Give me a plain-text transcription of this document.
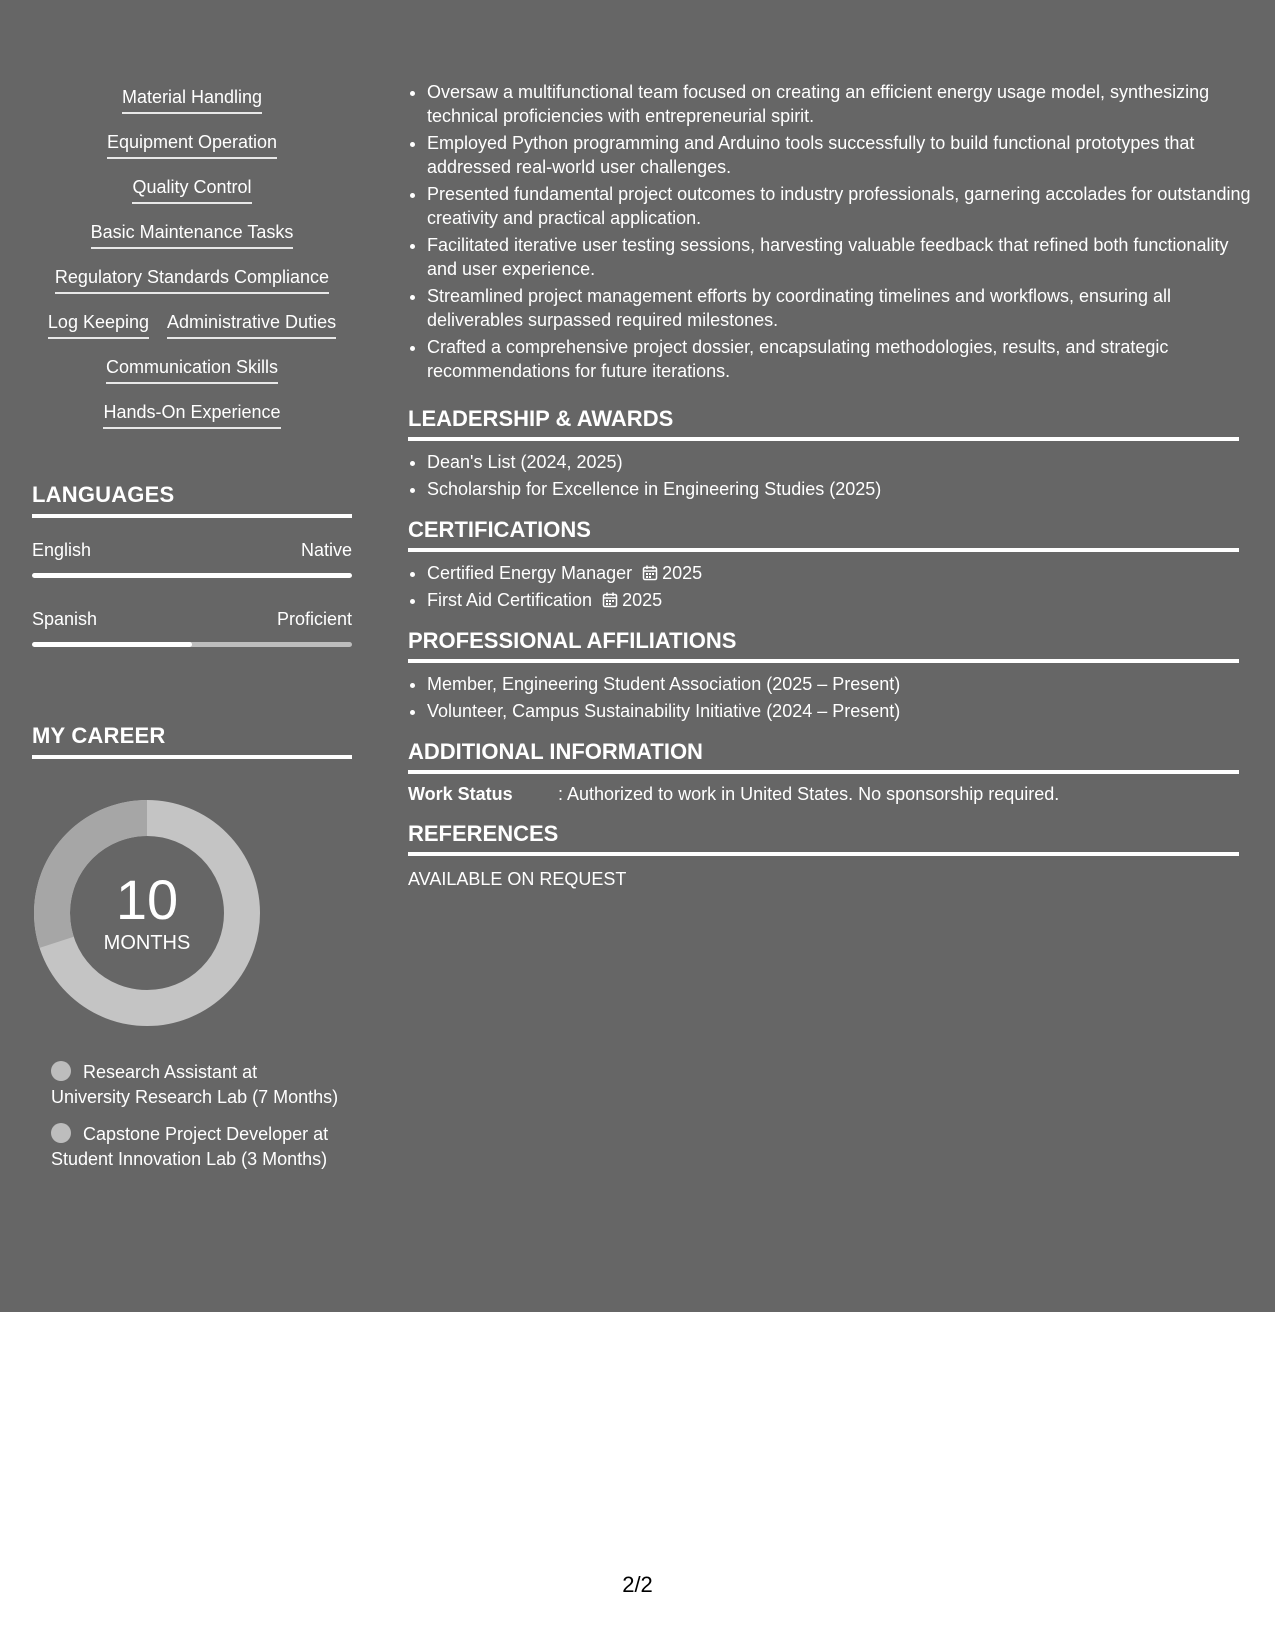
Material Handling
Equipment Operation
Quality Control
Basic Maintenance Tasks
Regulatory Standards Compliance
Log Keeping Administrative Duties
Communication Skills
Hands-On Experience
LANGUAGES
English	Native
Spanish	Proficient
MY CAREER
10
MONTHS
Research Assistant at University Research Lab (7 Months)
Capstone Project Developer at Student Innovation Lab (3 Months)
• Oversaw a multifunctional team focused on creating an efficient energy usage model, synthesizing technical proficiencies with entrepreneurial spirit.
• Employed Python programming and Arduino tools successfully to build functional prototypes that addressed real-world user challenges.
• Presented fundamental project outcomes to industry professionals, garnering accolades for outstanding creativity and practical application.
• Facilitated iterative user testing sessions, harvesting valuable feedback that refined both functionality and user experience.
• Streamlined project management efforts by coordinating timelines and workflows, ensuring all deliverables surpassed required milestones.
• Crafted a comprehensive project dossier, encapsulating methodologies, results, and strategic recommendations for future iterations.
LEADERSHIP & AWARDS
• Dean's List (2024, 2025)
• Scholarship for Excellence in Engineering Studies (2025)
CERTIFICATIONS
• Certified Energy Manager 2025
• First Aid Certification 2025
PROFESSIONAL AFFILIATIONS
• Member, Engineering Student Association (2025 – Present)
• Volunteer, Campus Sustainability Initiative (2024 – Present)
ADDITIONAL INFORMATION
Work Status	: Authorized to work in United States. No sponsorship required.
REFERENCES
AVAILABLE ON REQUEST
2/2
